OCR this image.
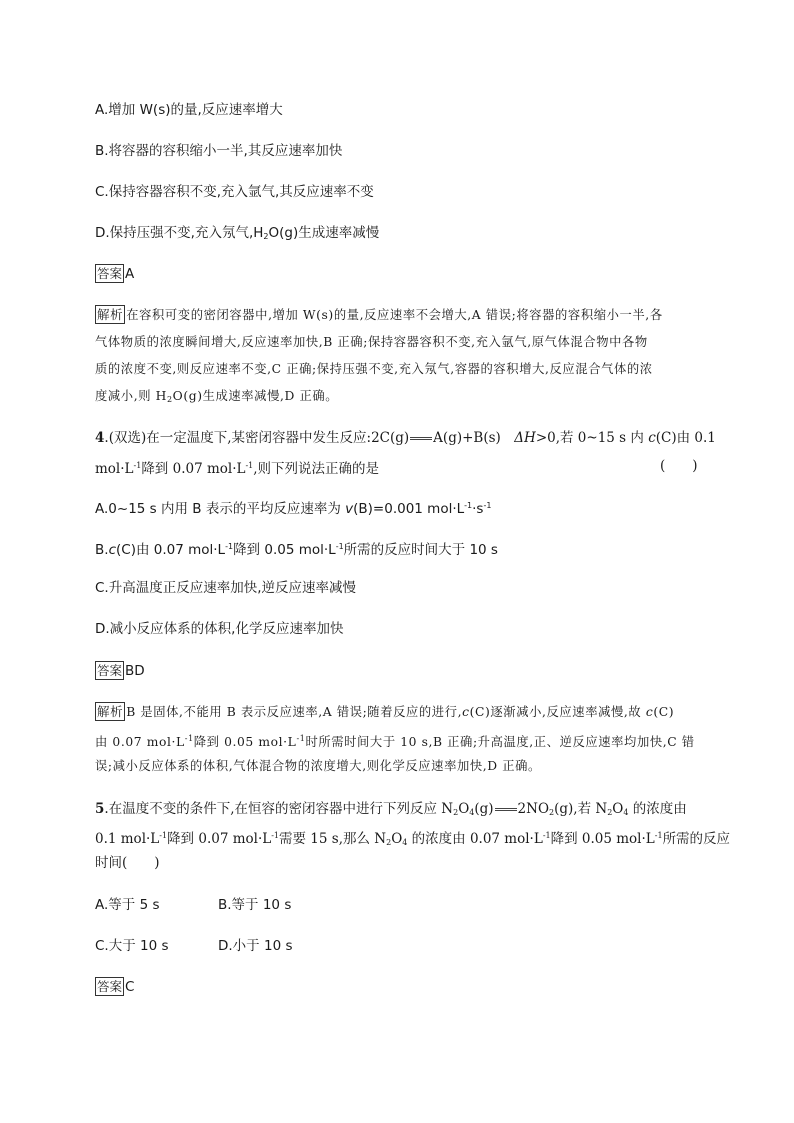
A.增加 W(s)的量,反应速率增大
B.将容器的容积缩小一半,其反应速率加快
C.保持容器容积不变,充入氩气,其反应速率不变
D.保持压强不变,充入氖气$,H_2O(g)$生成速率减慢
答案 A
解析 在容积可变的密闭容器中,增加 W(s)的量,反应速率不会增大,A 错误;将容器的容积缩小一半,各
气体物质的浓度瞬间增大,反应速率加快,B 正确;保持容器容积不变,充入氩气,原气体混合物中各物
质的浓度不变,则反应速率不变,C 正确;保持压强不变,充入氖气,容器的容积增大,反应混合气体的浓
度减小,则 $H_2O(g)$生成速率减慢,D 正确。
4.(双选)在一定温度下,某密闭容器中发生反应:2C(g) A(g)+B(s)　ΔH>0,若 0~15 s 内 c(C)由 0.1
$mol\cdot L^{-1}$降到 0.07 $mol\cdot L^{-1}$,则下列说法正确的是	(　　)
A.0~15 s 内用 B 表示的平均反应速率为 v(B)=0.001 $mol\cdot L^{-1}\cdot s^{-1}$
B.c(C)由 0.07 $mol\cdot L^{-1}$降到 0.05 $mol\cdot L^{-1}$所需的反应时间大于 10 s
C.升高温度正反应速率加快,逆反应速率减慢
D.减小反应体系的体积,化学反应速率加快
答案 BD
解析 B 是固体,不能用 B 表示反应速率,A 错误;随着反应的进行,c(C)逐渐减小,反应速率减慢,故 c(C)
由 0.07 $mol\cdot L^{-1}$降到 0.05 $mol\cdot L^{-1}$时所需时间大于 10 s,B 正确;升高温度,正、逆反应速率均加快,C 错
误;减小反应体系的体积,气体混合物的浓度增大,则化学反应速率加快,D 正确。
5.在温度不变的条件下,在恒容的密闭容器中进行下列反应 $N_2O_4(g)$ $2NO_2(g)$,若 $N_2O_4$ 的浓度由
0.1 $mol\cdot L^{-1}$降到 0.07 $mol\cdot L^{-1}$需要 15 s,那么 $N_2O_4$ 的浓度由 0.07 $mol\cdot L^{-1}$降到 0.05 $mol\cdot L^{-1}$所需的反应
时间(　　)
A.等于 5 s	B.等于 10 s
C.大于 10 s	D.小于 10 s
答案 C
